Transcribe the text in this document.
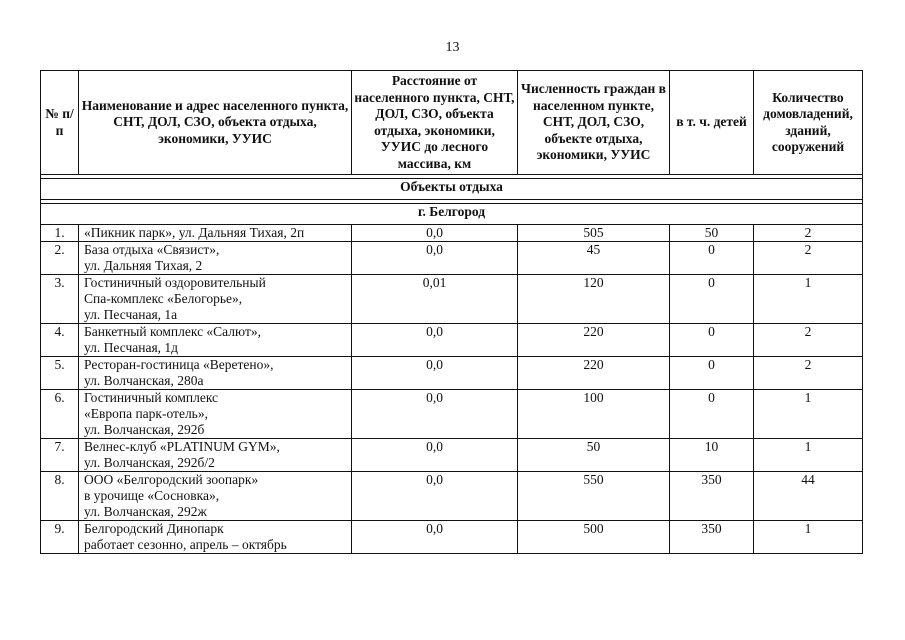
13
№ п/п	Наименование и адрес населенного пункта, СНТ, ДОЛ, СЗО, объекта отдыха, экономики, УУИС	Расстояние от населенного пункта, СНТ, ДОЛ, СЗО, объекта отдыха, экономики, УУИС до лесного массива, км	Численность граждан в населенном пункте, СНТ, ДОЛ, СЗО, объекте отдыха, экономики, УУИС	в т. ч. детей	Количество домовладений, зданий, сооружений

Объекты отдыха					

г. Белгород					
1.	«Пикник парк», ул. Дальняя Тихая, 2п	0,0	505	50	2
2.	База отдыха «Связист»,
ул. Дальняя Тихая, 2	0,0	45	0	2
3.	Гостиничный оздоровительный
Спа-комплекс «Белогорье»,
ул. Песчаная, 1а	0,01	120	0	1
4.	Банкетный комплекс «Салют»,
ул. Песчаная, 1д	0,0	220	0	2
5.	Ресторан-гостиница «Веретено»,
ул. Волчанская, 280а	0,0	220	0	2
6.	Гостиничный комплекс
«Европа парк-отель»,
ул. Волчанская, 292б	0,0	100	0	1
7.	Велнес-клуб «PLATINUM GYM»,
ул. Волчанская, 292б/2	0,0	50	10	1
8.	ООО «Белгородский зоопарк»
в урочище «Сосновка»,
ул. Волчанская, 292ж	0,0	550	350	44
9.	Белгородский Динопарк
работает сезонно, апрель – октябрь	0,0	500	350	1
